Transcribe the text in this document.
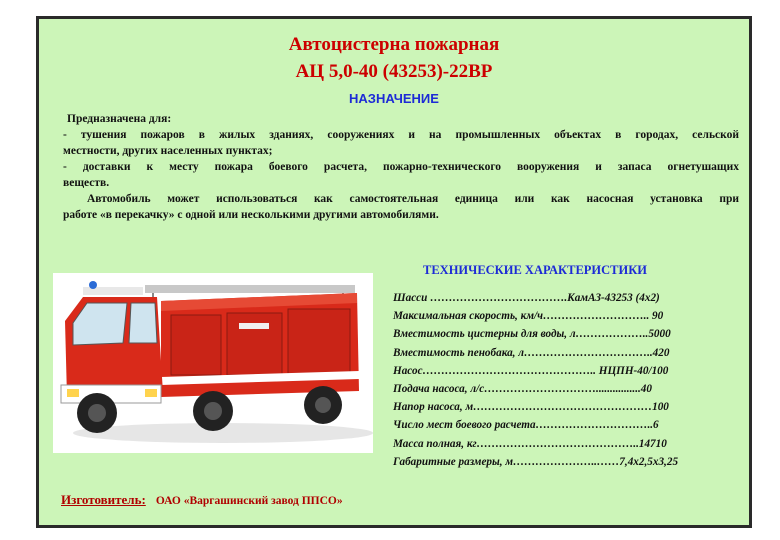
Автоцистерна пожарная
АЦ 5,0-40 (43253)-22ВР
НАЗНАЧЕНИЕ
Предназначена для:
- тушения пожаров в жилых зданиях, сооружениях и на промышленных объектах в городах, сельской
местности, других населенных пунктах;
- доставки к месту пожара боевого расчета, пожарно-технического вооружения и запаса огнетушащих
веществ.
Автомобиль может использоваться как самостоятельная единица или как насосная установка при
работе «в перекачку» с одной или несколькими другими автомобилями.
ТЕХНИЧЕСКИЕ ХАРАКТЕРИСТИКИ
Шасси ……………………………….КамАЗ-43253 (4х2)
Максимальная скорость, км/ч……………………….. 90
Вместимость цистерны для воды, л………………..5000
Вместимость пенобака, л……………………………..420
Насос……………………………………….. НЦПН-40/100
Подача насоса, л/с…………………………................40
Напор насоса, м…………………………………………100
Число мест боевого расчета…………………………..6
Масса полная, кг……………………………………..14710
Габаритные размеры, м…………………..……7,4х2,5х3,25
Изготовитель: ОАО «Варгашинский завод ППСО»
